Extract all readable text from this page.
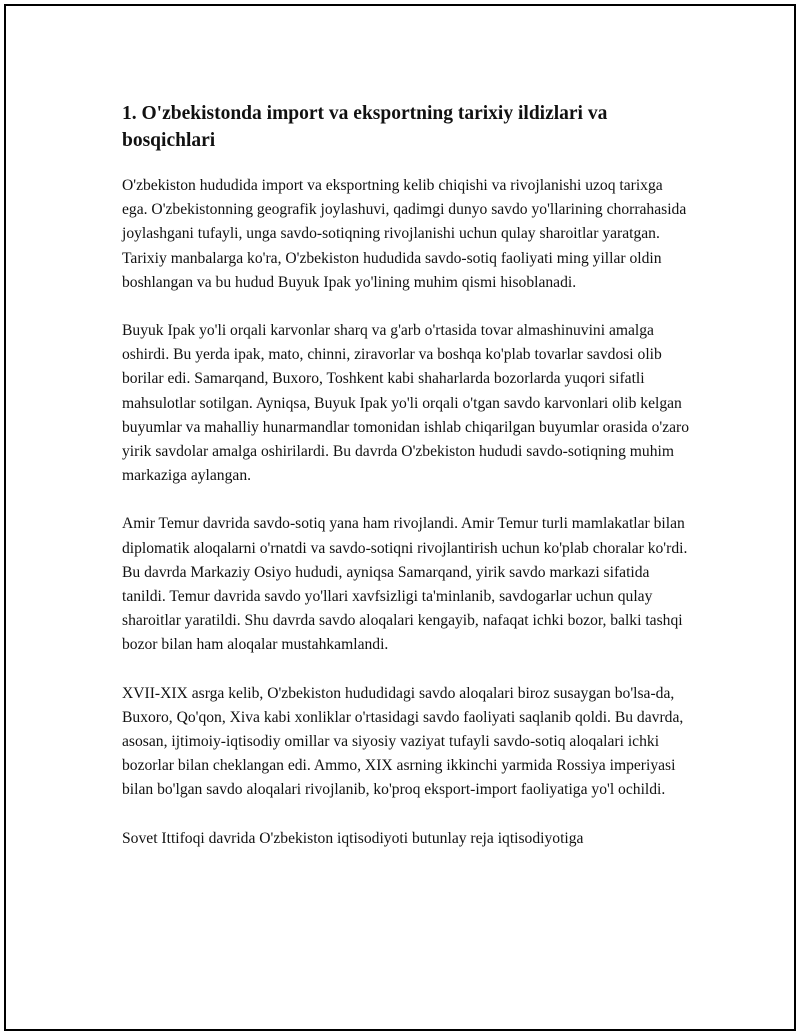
1. O'zbekistonda import va eksportning tarixiy ildizlari va bosqichlari

O'zbekiston hududida import va eksportning kelib chiqishi va rivojlanishi uzoq tarixga ega. O'zbekistonning geografik joylashuvi, qadimgi dunyo savdo yo'llarining chorrahasida joylashgani tufayli, unga savdo-sotiqning rivojlanishi uchun qulay sharoitlar yaratgan. Tarixiy manbalarga ko'ra, O'zbekiston hududida savdo-sotiq faoliyati ming yillar oldin boshlangan va bu hudud Buyuk Ipak yo'lining muhim qismi hisoblanadi.

Buyuk Ipak yo'li orqali karvonlar sharq va g'arb o'rtasida tovar almashinuvini amalga oshirdi. Bu yerda ipak, mato, chinni, ziravorlar va boshqa ko'plab tovarlar savdosi olib borilar edi. Samarqand, Buxoro, Toshkent kabi shaharlarda bozorlarda yuqori sifatli mahsulotlar sotilgan. Ayniqsa, Buyuk Ipak yo'li orqali o'tgan savdo karvonlari olib kelgan buyumlar va mahalliy hunarmandlar tomonidan ishlab chiqarilgan buyumlar orasida o'zaro yirik savdolar amalga oshirilardi. Bu davrda O'zbekiston hududi savdo-sotiqning muhim markaziga aylangan.

Amir Temur davrida savdo-sotiq yana ham rivojlandi. Amir Temur turli mamlakatlar bilan diplomatik aloqalarni o'rnatdi va savdo-sotiqni rivojlantirish uchun ko'plab choralar ko'rdi. Bu davrda Markaziy Osiyo hududi, ayniqsa Samarqand, yirik savdo markazi sifatida tanildi. Temur davrida savdo yo'llari xavfsizligi ta'minlanib, savdogarlar uchun qulay sharoitlar yaratildi. Shu davrda savdo aloqalari kengayib, nafaqat ichki bozor, balki tashqi bozor bilan ham aloqalar mustahkamlandi.

XVII-XIX asrga kelib, O'zbekiston hududidagi savdo aloqalari biroz susaygan bo'lsa-da, Buxoro, Qo'qon, Xiva kabi xonliklar o'rtasidagi savdo faoliyati saqlanib qoldi. Bu davrda, asosan, ijtimoiy-iqtisodiy omillar va siyosiy vaziyat tufayli savdo-sotiq aloqalari ichki bozorlar bilan cheklangan edi. Ammo, XIX asrning ikkinchi yarmida Rossiya imperiyasi bilan bo'lgan savdo aloqalari rivojlanib, ko'proq eksport-import faoliyatiga yo'l ochildi.

Sovet Ittifoqi davrida O'zbekiston iqtisodiyoti butunlay reja iqtisodiyotiga
